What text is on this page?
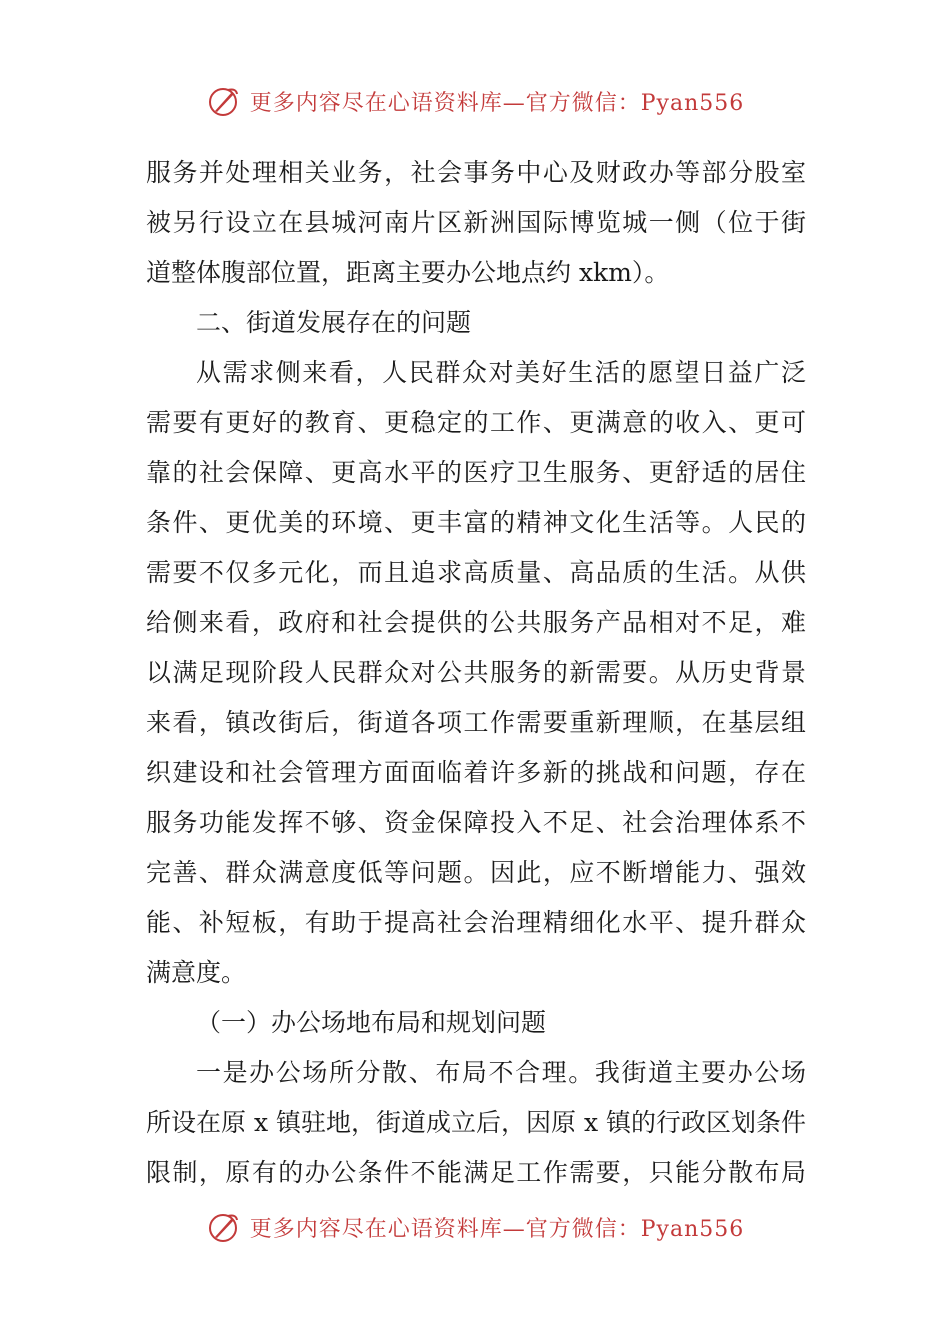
更多内容尽在心语资料库—官方微信：Pyan556
服务并处理相关业务，社会事务中心及财政办等部分股室
被另行设立在县城河南片区新洲国际博览城一侧（位于街
道整体腹部位置，距离主要办公地点约 xkm）。
二、街道发展存在的问题
从需求侧来看，人民群众对美好生活的愿望日益广泛
需要有更好的教育、更稳定的工作、更满意的收入、更可
靠的社会保障、更高水平的医疗卫生服务、更舒适的居住
条件、更优美的环境、更丰富的精神文化生活等。人民的
需要不仅多元化，而且追求高质量、高品质的生活。从供
给侧来看，政府和社会提供的公共服务产品相对不足，难
以满足现阶段人民群众对公共服务的新需要。从历史背景
来看，镇改街后，街道各项工作需要重新理顺，在基层组
织建设和社会管理方面面临着许多新的挑战和问题，存在
服务功能发挥不够、资金保障投入不足、社会治理体系不
完善、群众满意度低等问题。因此，应不断增能力、强效
能、补短板，有助于提高社会治理精细化水平、提升群众
满意度。
（一）办公场地布局和规划问题
一是办公场所分散、布局不合理。我街道主要办公场
所设在原 x 镇驻地，街道成立后，因原 x 镇的行政区划条件
限制，原有的办公条件不能满足工作需要，只能分散布局
更多内容尽在心语资料库—官方微信：Pyan556
